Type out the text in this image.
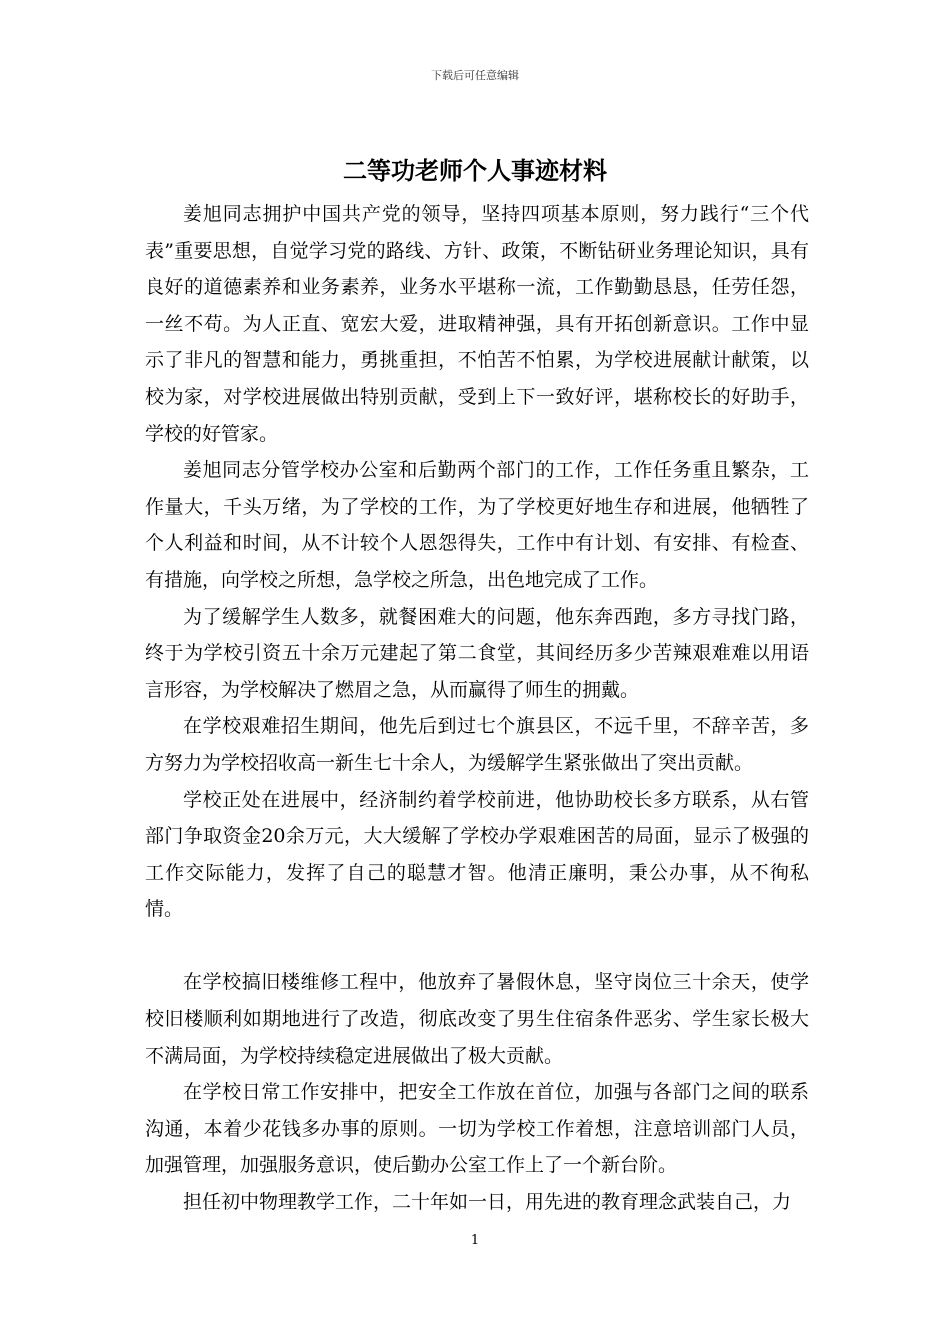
下载后可任意编辑
二等功老师个人事迹材料

姜旭同志拥护中国共产党的领导，坚持四项基本原则，努力践行“三个代表”重要思想，自觉学习党的路线、方针、政策，不断钻研业务理论知识，具有良好的道德素养和业务素养，业务水平堪称一流，工作勤勤恳恳，任劳任怨，一丝不苟。为人正直、宽宏大爱，进取精神强，具有开拓创新意识。工作中显示了非凡的智慧和能力，勇挑重担，不怕苦不怕累，为学校进展献计献策，以校为家，对学校进展做出特别贡献，受到上下一致好评，堪称校长的好助手，学校的好管家。

姜旭同志分管学校办公室和后勤两个部门的工作，工作任务重且繁杂，工作量大，千头万绪，为了学校的工作，为了学校更好地生存和进展，他牺牲了个人利益和时间，从不计较个人恩怨得失，工作中有计划、有安排、有检查、有措施，向学校之所想，急学校之所急，出色地完成了工作。

为了缓解学生人数多，就餐困难大的问题，他东奔西跑，多方寻找门路，终于为学校引资五十余万元建起了第二食堂，其间经历多少苦辣艰难难以用语言形容，为学校解决了燃眉之急，从而赢得了师生的拥戴。

在学校艰难招生期间，他先后到过七个旗县区，不远千里，不辞辛苦，多方努力为学校招收高一新生七十余人，为缓解学生紧张做出了突出贡献。

学校正处在进展中，经济制约着学校前进，他协助校长多方联系，从右管部门争取资金20余万元，大大缓解了学校办学艰难困苦的局面，显示了极强的工作交际能力，发挥了自己的聪慧才智。他清正廉明，秉公办事，从不徇私情。

在学校搞旧楼维修工程中，他放弃了暑假休息，坚守岗位三十余天，使学校旧楼顺利如期地进行了改造，彻底改变了男生住宿条件恶劣、学生家长极大不满局面，为学校持续稳定进展做出了极大贡献。

在学校日常工作安排中，把安全工作放在首位，加强与各部门之间的联系沟通，本着少花钱多办事的原则。一切为学校工作着想，注意培训部门人员，加强管理，加强服务意识，使后勤办公室工作上了一个新台阶。

担任初中物理教学工作，二十年如一日，用先进的教育理念武装自己，力

1
